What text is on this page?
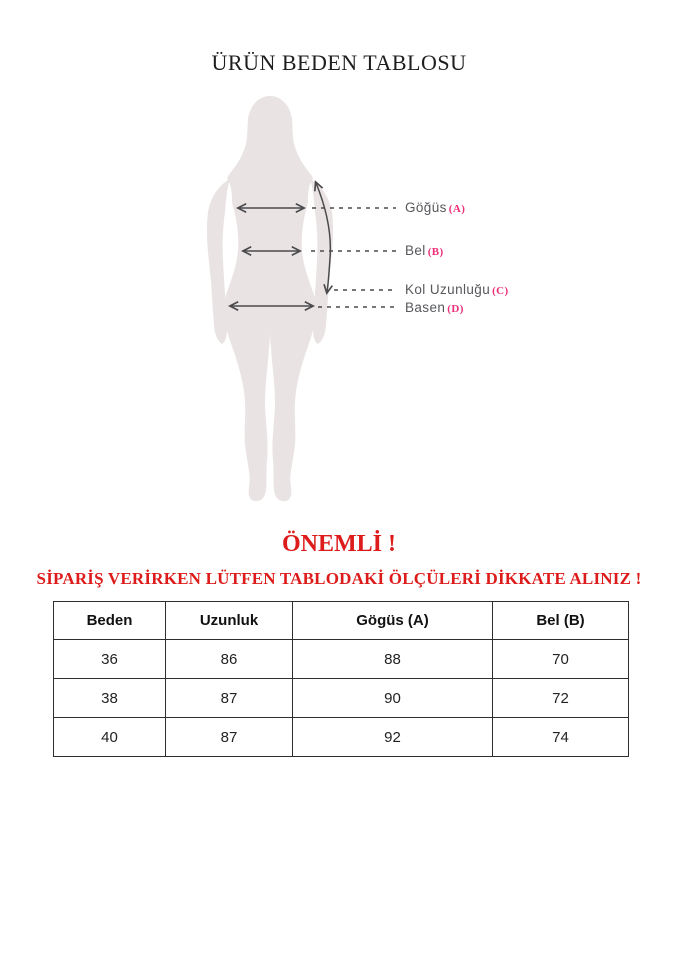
ÜRÜN BEDEN TABLOSU
Göğüs (A)
Bel (B)
Kol Uzunluğu (C)
Basen (D)
ÖNEMLİ !
SİPARİŞ VERİRKEN LÜTFEN TABLODAKİ ÖLÇÜLERİ DİKKATE ALINIZ !
Beden	Uzunluk	Gögüs (A)	Bel (B)
36	86	88	70
38	87	90	72
40	87	92	74
